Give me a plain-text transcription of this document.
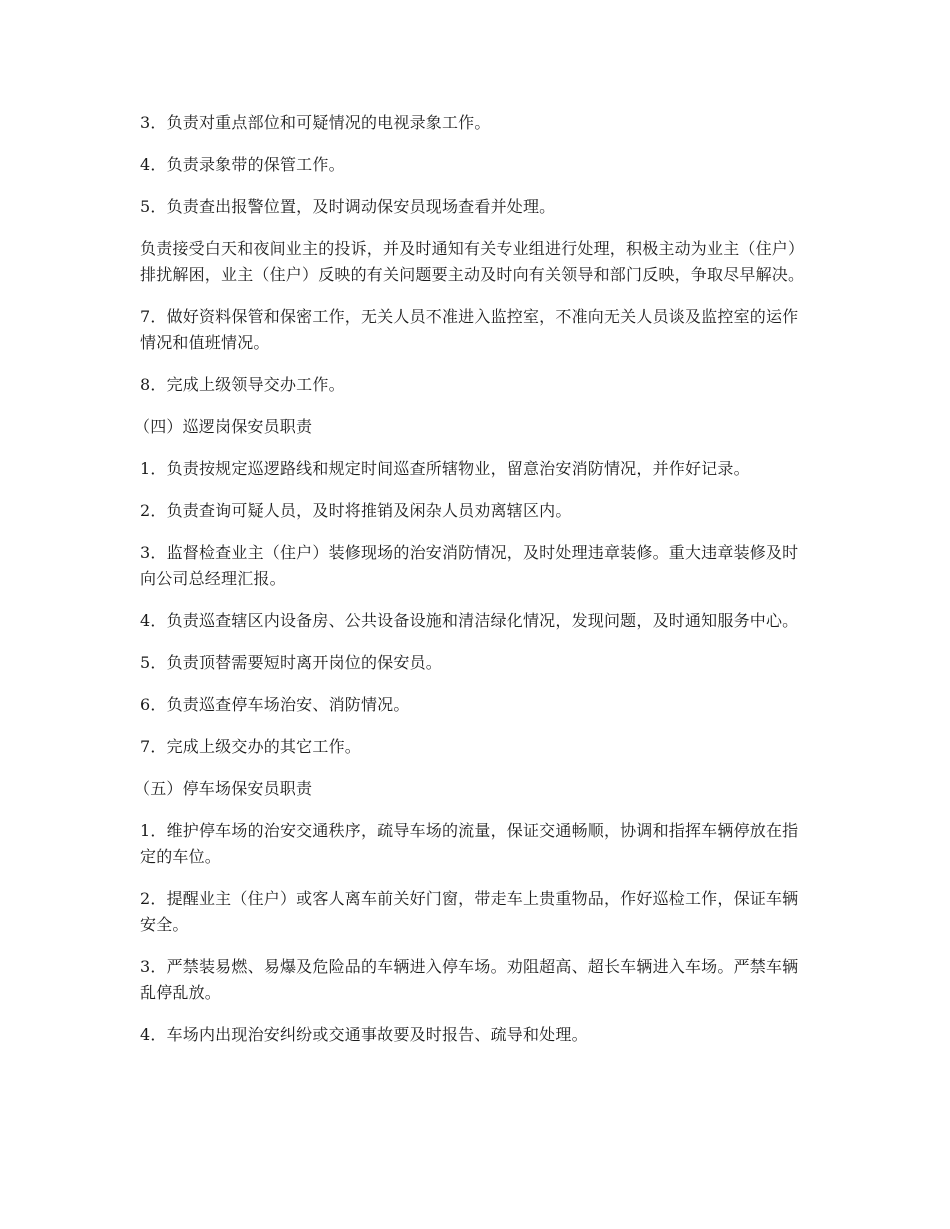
3．负责对重点部位和可疑情况的电视录象工作。

4．负责录象带的保管工作。

5．负责查出报警位置，及时调动保安员现场查看并处理。

负责接受白天和夜间业主的投诉，并及时通知有关专业组进行处理，积极主动为业主（住户）排扰解困，业主（住户）反映的有关问题要主动及时向有关领导和部门反映，争取尽早解决。

7．做好资料保管和保密工作，无关人员不准进入监控室，不准向无关人员谈及监控室的运作情况和值班情况。

8．完成上级领导交办工作。

（四）巡逻岗保安员职责

1．负责按规定巡逻路线和规定时间巡查所辖物业，留意治安消防情况，并作好记录。

2．负责查询可疑人员，及时将推销及闲杂人员劝离辖区内。

3．监督检查业主（住户）装修现场的治安消防情况，及时处理违章装修。重大违章装修及时向公司总经理汇报。

4．负责巡查辖区内设备房、公共设备设施和清洁绿化情况，发现问题，及时通知服务中心。

5．负责顶替需要短时离开岗位的保安员。

6．负责巡查停车场治安、消防情况。

7．完成上级交办的其它工作。

（五）停车场保安员职责

1．维护停车场的治安交通秩序，疏导车场的流量，保证交通畅顺，协调和指挥车辆停放在指定的车位。

2．提醒业主（住户）或客人离车前关好门窗，带走车上贵重物品，作好巡检工作，保证车辆安全。

3．严禁装易燃、易爆及危险品的车辆进入停车场。劝阻超高、超长车辆进入车场。严禁车辆乱停乱放。

4．车场内出现治安纠纷或交通事故要及时报告、疏导和处理。
